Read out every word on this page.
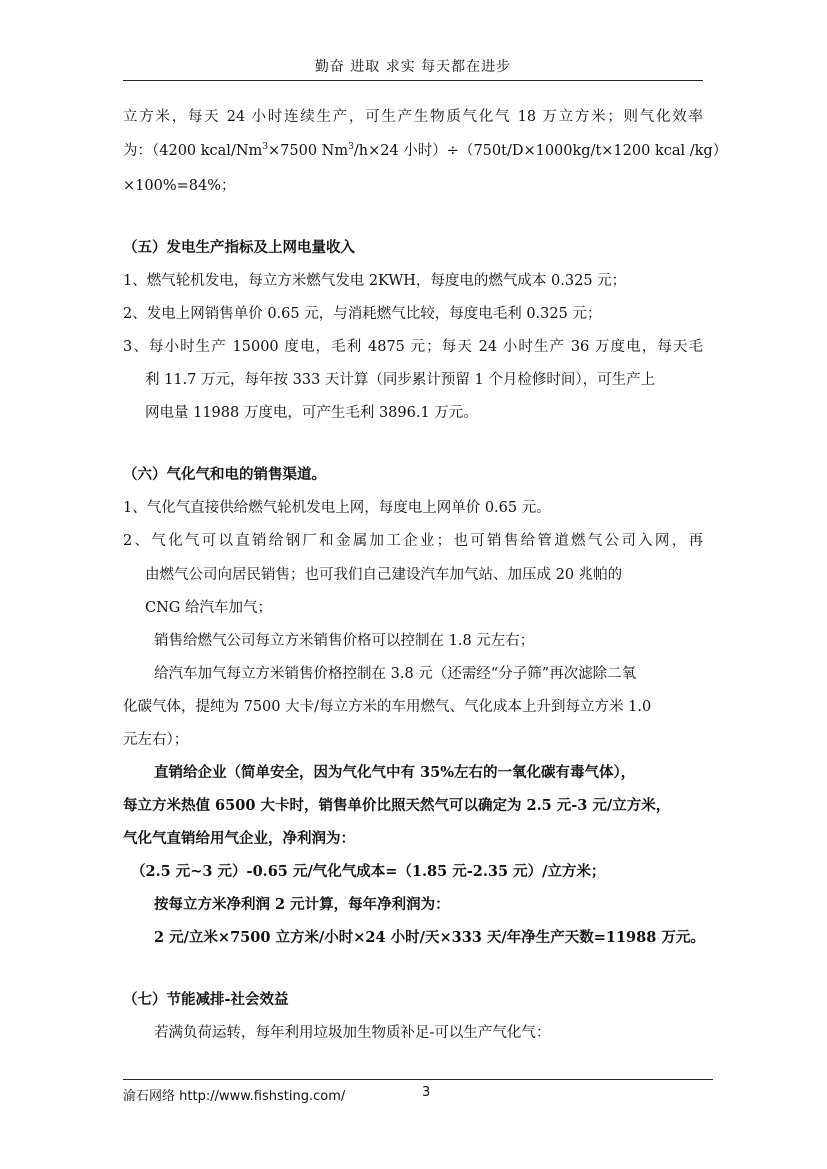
勤奋 进取 求实 每天都在进步
立方米，每天 24 小时连续生产，可生产生物质气化气 18 万立方米；则气化效率
为：（4200 kcal/$Nm^3\times 7500$ $Nm^3/h\times 24$ 小时）÷（750t/D×1000kg/t×1200 kcal /kg）
×100%=84%；
（五）发电生产指标及上网电量收入
1、燃气轮机发电，每立方米燃气发电 2KWH，每度电的燃气成本 0.325 元；
2、发电上网销售单价 0.65 元，与消耗燃气比较，每度电毛利 0.325 元；
3、每小时生产 15000 度电，毛利 4875 元；每天 24 小时生产 36 万度电，每天毛
利 11.7 万元，每年按 333 天计算（同步累计预留 1 个月检修时间），可生产上
网电量 11988 万度电，可产生毛利 3896.1 万元。
（六）气化气和电的销售渠道。
1、气化气直接供给燃气轮机发电上网，每度电上网单价 0.65 元。
2、气化气可以直销给钢厂和金属加工企业；也可销售给管道燃气公司入网，再
由燃气公司向居民销售；也可我们自己建设汽车加气站、加压成 20 兆帕的
CNG 给汽车加气；
销售给燃气公司每立方米销售价格可以控制在 1.8 元左右；
给汽车加气每立方米销售价格控制在 3.8 元（还需经“分子筛”再次滤除二氧
化碳气体，提纯为 7500 大卡/每立方米的车用燃气、气化成本上升到每立方米 1.0
元左右）；
直销给企业（简单安全，因为气化气中有 35%左右的一氧化碳有毒气体），
每立方米热值 6500 大卡时，销售单价比照天然气可以确定为 2.5 元-3 元/立方米，
气化气直销给用气企业，净利润为：
（2.5 元~3 元）-0.65 元/气化气成本=（1.85 元-2.35 元）/立方米；
按每立方米净利润 2 元计算，每年净利润为：
2 元/立米×7500 立方米/小时×24 小时/天×333 天/年净生产天数=11988 万元。
（七）节能减排-社会效益
若满负荷运转，每年利用垃圾加生物质补足-可以生产气化气：
渝石网络 http://www.fishsting.com/	3
